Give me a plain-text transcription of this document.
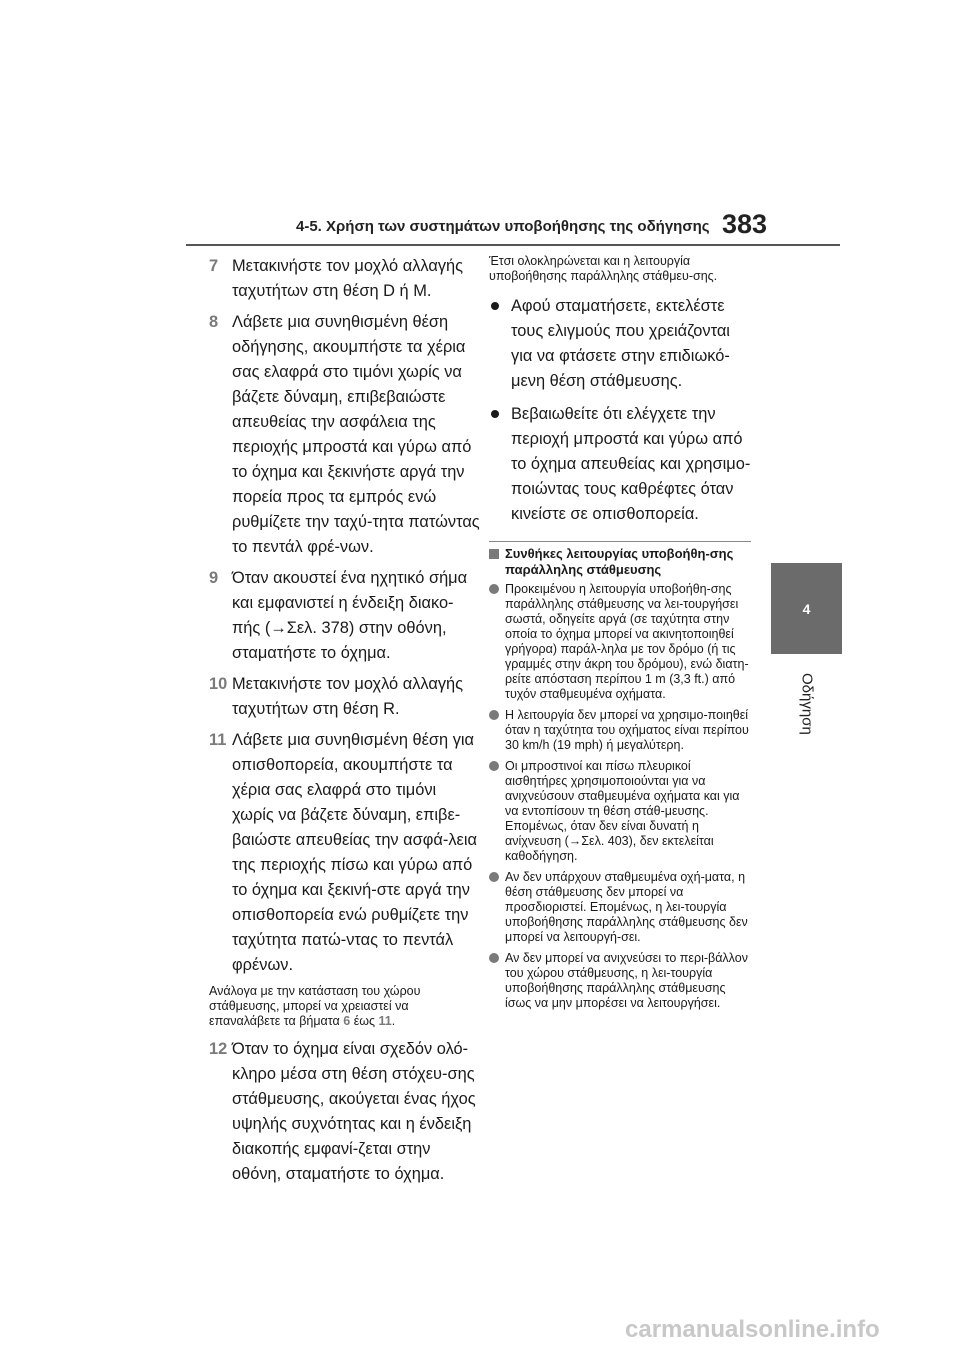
4-5. Χρήση των συστημάτων υποβοήθησης της οδήγησης 383
4
Οδήγηση
7 Μετακινήστε τον μοχλό αλλαγής ταχυτήτων στη θέση D ή M.
8 Λάβετε μια συνηθισμένη θέση οδήγησης, ακουμπήστε τα χέρια σας ελαφρά στο τιμόνι χωρίς να βάζετε δύναμη, επιβεβαιώστε απευθείας την ασφάλεια της περιοχής μπροστά και γύρω από το όχημα και ξεκινήστε αργά την πορεία προς τα εμπρός ενώ ρυθμίζετε την ταχύ-τητα πατώντας το πεντάλ φρέ-νων.
9 Όταν ακουστεί ένα ηχητικό σήμα και εμφανιστεί η ένδειξη διακο-πής (→Σελ. 378) στην οθόνη, σταματήστε το όχημα.
10 Μετακινήστε τον μοχλό αλλαγής ταχυτήτων στη θέση R.
11 Λάβετε μια συνηθισμένη θέση για οπισθοπορεία, ακουμπήστε τα χέρια σας ελαφρά στο τιμόνι χωρίς να βάζετε δύναμη, επιβε-βαιώστε απευθείας την ασφά-λεια της περιοχής πίσω και γύρω από το όχημα και ξεκινή-στε αργά την οπισθοπορεία ενώ ρυθμίζετε την ταχύτητα πατώ-ντας το πεντάλ φρένων.
Ανάλογα με την κατάσταση του χώρου στάθμευσης, μπορεί να χρειαστεί να επαναλάβετε τα βήματα 6 έως 11.
12 Όταν το όχημα είναι σχεδόν ολό-κληρο μέσα στη θέση στόχευ-σης στάθμευσης, ακούγεται ένας ήχος υψηλής συχνότητας και η ένδειξη διακοπής εμφανί-ζεται στην οθόνη, σταματήστε το όχημα.
Έτσι ολοκληρώνεται και η λειτουργία υποβοήθησης παράλληλης στάθμευ-σης.
Αφού σταματήσετε, εκτελέστε τους ελιγμούς που χρειάζονται για να φτάσετε στην επιδιωκό-μενη θέση στάθμευσης.
Βεβαιωθείτε ότι ελέγχετε την περιοχή μπροστά και γύρω από το όχημα απευθείας και χρησιμο-ποιώντας τους καθρέφτες όταν κινείστε σε οπισθοπορεία.
Συνθήκες λειτουργίας υποβοήθη-σης παράλληλης στάθμευσης
Προκειμένου η λειτουργία υποβοήθη-σης παράλληλης στάθμευσης να λει-τουργήσει σωστά, οδηγείτε αργά (σε ταχύτητα στην οποία το όχημα μπορεί να ακινητοποιηθεί γρήγορα) παράλ-ληλα με τον δρόμο (ή τις γραμμές στην άκρη του δρόμου), ενώ διατη-ρείτε απόσταση περίπου 1 m (3,3 ft.) από τυχόν σταθμευμένα οχήματα.
Η λειτουργία δεν μπορεί να χρησιμο-ποιηθεί όταν η ταχύτητα του οχήματος είναι περίπου 30 km/h (19 mph) ή μεγαλύτερη.
Οι μπροστινοί και πίσω πλευρικοί αισθητήρες χρησιμοποιούνται για να ανιχνεύσουν σταθμευμένα οχήματα και για να εντοπίσουν τη θέση στάθ-μευσης. Επομένως, όταν δεν είναι δυνατή η ανίχνευση (→Σελ. 403), δεν εκτελείται καθοδήγηση.
Αν δεν υπάρχουν σταθμευμένα οχή-ματα, η θέση στάθμευσης δεν μπορεί να προσδιοριστεί. Επομένως, η λει-τουργία υποβοήθησης παράλληλης στάθμευσης δεν μπορεί να λειτουργή-σει.
Αν δεν μπορεί να ανιχνεύσει το περι-βάλλον του χώρου στάθμευσης, η λει-τουργία υποβοήθησης παράλληλης στάθμευσης ίσως να μην μπορέσει να λειτουργήσει.
carmanualsonline.info
